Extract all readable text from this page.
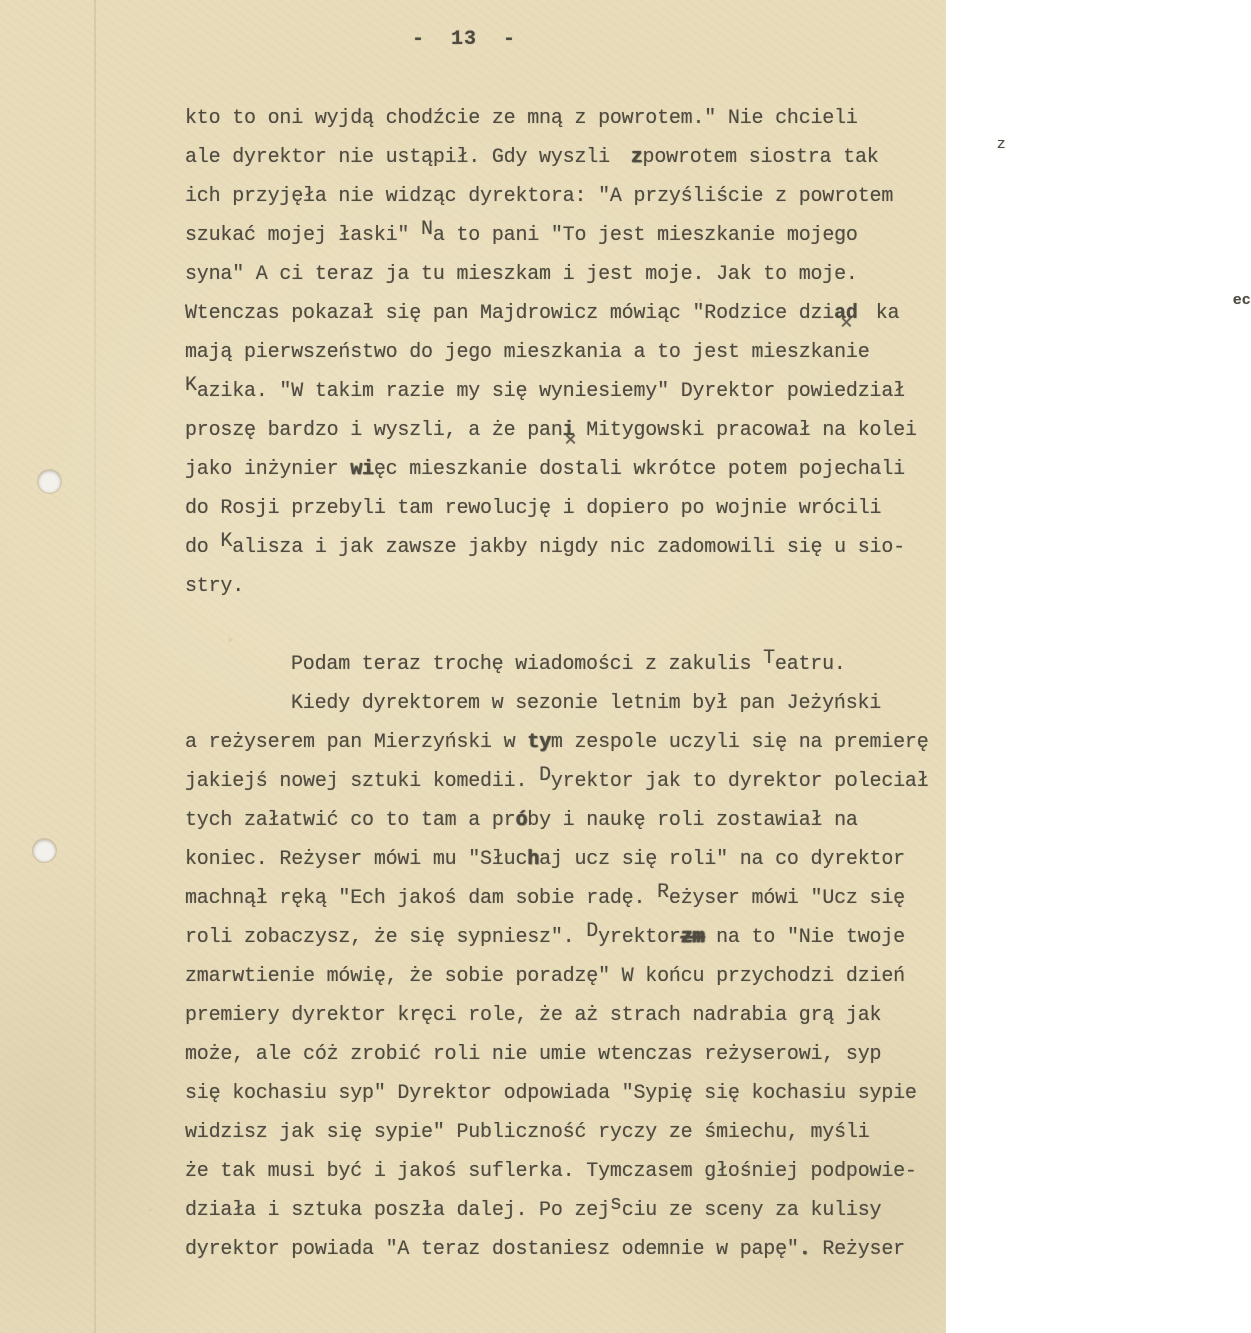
-  13  -
kto to oni wyjdą chodźcie ze mną z powrotem." Nie chcieli
ale dyrektor nie ustąpił. Gdy wyszli $^z$zpowrotem siostra tak
ich przyjęła nie widząc dyrektora: "A przyśliście z powrotem
szukać mojej łaski" Na to pani "To jest mieszkanie mojego
syna" A ci teraz ja tu mieszkam i jest moje. Jak to moje.
Wtenczas pokazał się pan Majdrowicz mówiąc "Rodzice dziad$^{ec}$ ✕ka
mają pierwszeństwo do jego mieszkania a to jest mieszkanie
Kazika. "W takim razie my się wyniesiemy" Dyrektor powiedział
proszę bardzo i wyszli, a że pani ✕ Mitygowski pracował na kolei
jako inżynier więc mieszkanie dostali wkrótce potem pojechali
do Rosji przebyli tam rewolucję i dopiero po wojnie wrócili
do Kalisza i jak zawsze jakby nigdy nic zadomowili się u sio-
stry.
Podam teraz trochę wiadomości z zakulis Teatru.
Kiedy dyrektorem w sezonie letnim był pan Jeżyński
a reżyserem pan Mierzyński w tym zespole uczyli się na premierę
jakiejś nowej sztuki komedii. Dyrektor jak to dyrektor poleciał
tych załatwić co to tam a próby i naukę roli zostawiał na
koniec. Reżyser mówi mu "Słuchaj ucz się roli" na co dyrektor
machnął ręką "Ech jakoś dam sobie radę. Reżyser mówi "Ucz się
roli zobaczysz, że się sypniesz". Dyrektorzm na to "Nie twoje
zmarwtienie mówię, że sobie poradzę" W końcu przychodzi dzień
premiery dyrektor kręci role, że aż strach nadrabia grą jak
może, ale cóż zrobić roli nie umie wtenczas reżyserowi, syp
się kochasiu syp" Dyrektor odpowiada "Sypię się kochasiu sypie
widzisz jak się sypie" Publiczność ryczy ze śmiechu, myśli
że tak musi być i jakoś suflerka. Tymczasem głośniej podpowie-
działa i sztuka poszła dalej. Po zejsciu ze sceny za kulisy
dyrektor powiada "A teraz dostaniesz odemnie w papę". Reżyser
